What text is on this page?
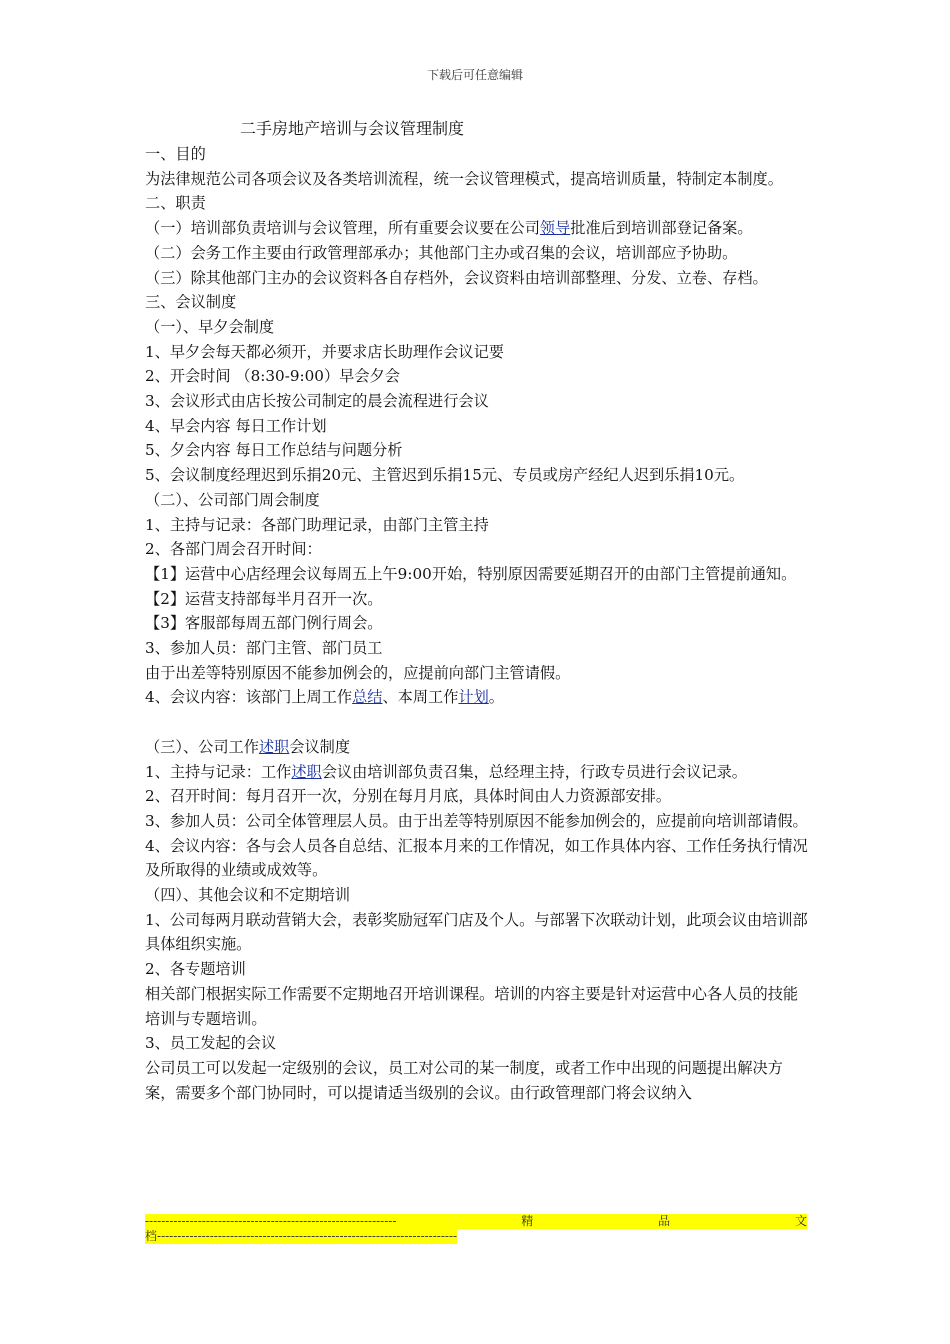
下载后可任意编辑
二手房地产培训与会议管理制度

一、目的

为法律规范公司各项会议及各类培训流程，统一会议管理模式，提高培训质量，特制定本制度。

二、职责

（一）培训部负责培训与会议管理，所有重要会议要在公司领导批准后到培训部登记备案。

（二）会务工作主要由行政管理部承办；其他部门主办或召集的会议，培训部应予协助。

（三）除其他部门主办的会议资料各自存档外，会议资料由培训部整理、分发、立卷、存档。

三、会议制度

（一）、早夕会制度

1、早夕会每天都必须开，并要求店长助理作会议记要

2、开会时间 （8:30-9:00）早会夕会

3、会议形式由店长按公司制定的晨会流程进行会议

4、早会内容 每日工作计划

5、夕会内容 每日工作总结与问题分析

5、会议制度经理迟到乐捐20元、主管迟到乐捐15元、专员或房产经纪人迟到乐捐10元。

（二）、公司部门周会制度

1、主持与记录：各部门助理记录，由部门主管主持

2、各部门周会召开时间：

【1】运营中心店经理会议每周五上午9:00开始，特别原因需要延期召开的由部门主管提前通知。

【2】运营支持部每半月召开一次。

【3】客服部每周五部门例行周会。

3、参加人员：部门主管、部门员工

由于出差等特别原因不能参加例会的，应提前向部门主管请假。

4、会议内容：该部门上周工作总结、本周工作计划。

（三）、公司工作述职会议制度

1、主持与记录：工作述职会议由培训部负责召集，总经理主持，行政专员进行会议记录。

2、召开时间：每月召开一次，分别在每月月底，具体时间由人力资源部安排。

3、参加人员：公司全体管理层人员。由于出差等特别原因不能参加例会的，应提前向培训部请假。

4、会议内容：各与会人员各自总结、汇报本月来的工作情况，如工作具体内容、工作任务执行情况及所取得的业绩或成效等。

（四）、其他会议和不定期培训

1、公司每两月联动营销大会，表彰奖励冠军门店及个人。与部署下次联动计划，此项会议由培训部具体组织实施。

2、各专题培训

相关部门根据实际工作需要不定期地召开培训课程。培训的内容主要是针对运营中心各人员的技能培训与专题培训。

3、员工发起的会议

公司员工可以发起一定级别的会议，员工对公司的某一制度，或者工作中出现的问题提出解决方案，需要多个部门协同时，可以提请适当级别的会议。由行政管理部门将会议纳入

--------------------------------------------------------------	精	品	文
档--------------------------------------------------------------------------
